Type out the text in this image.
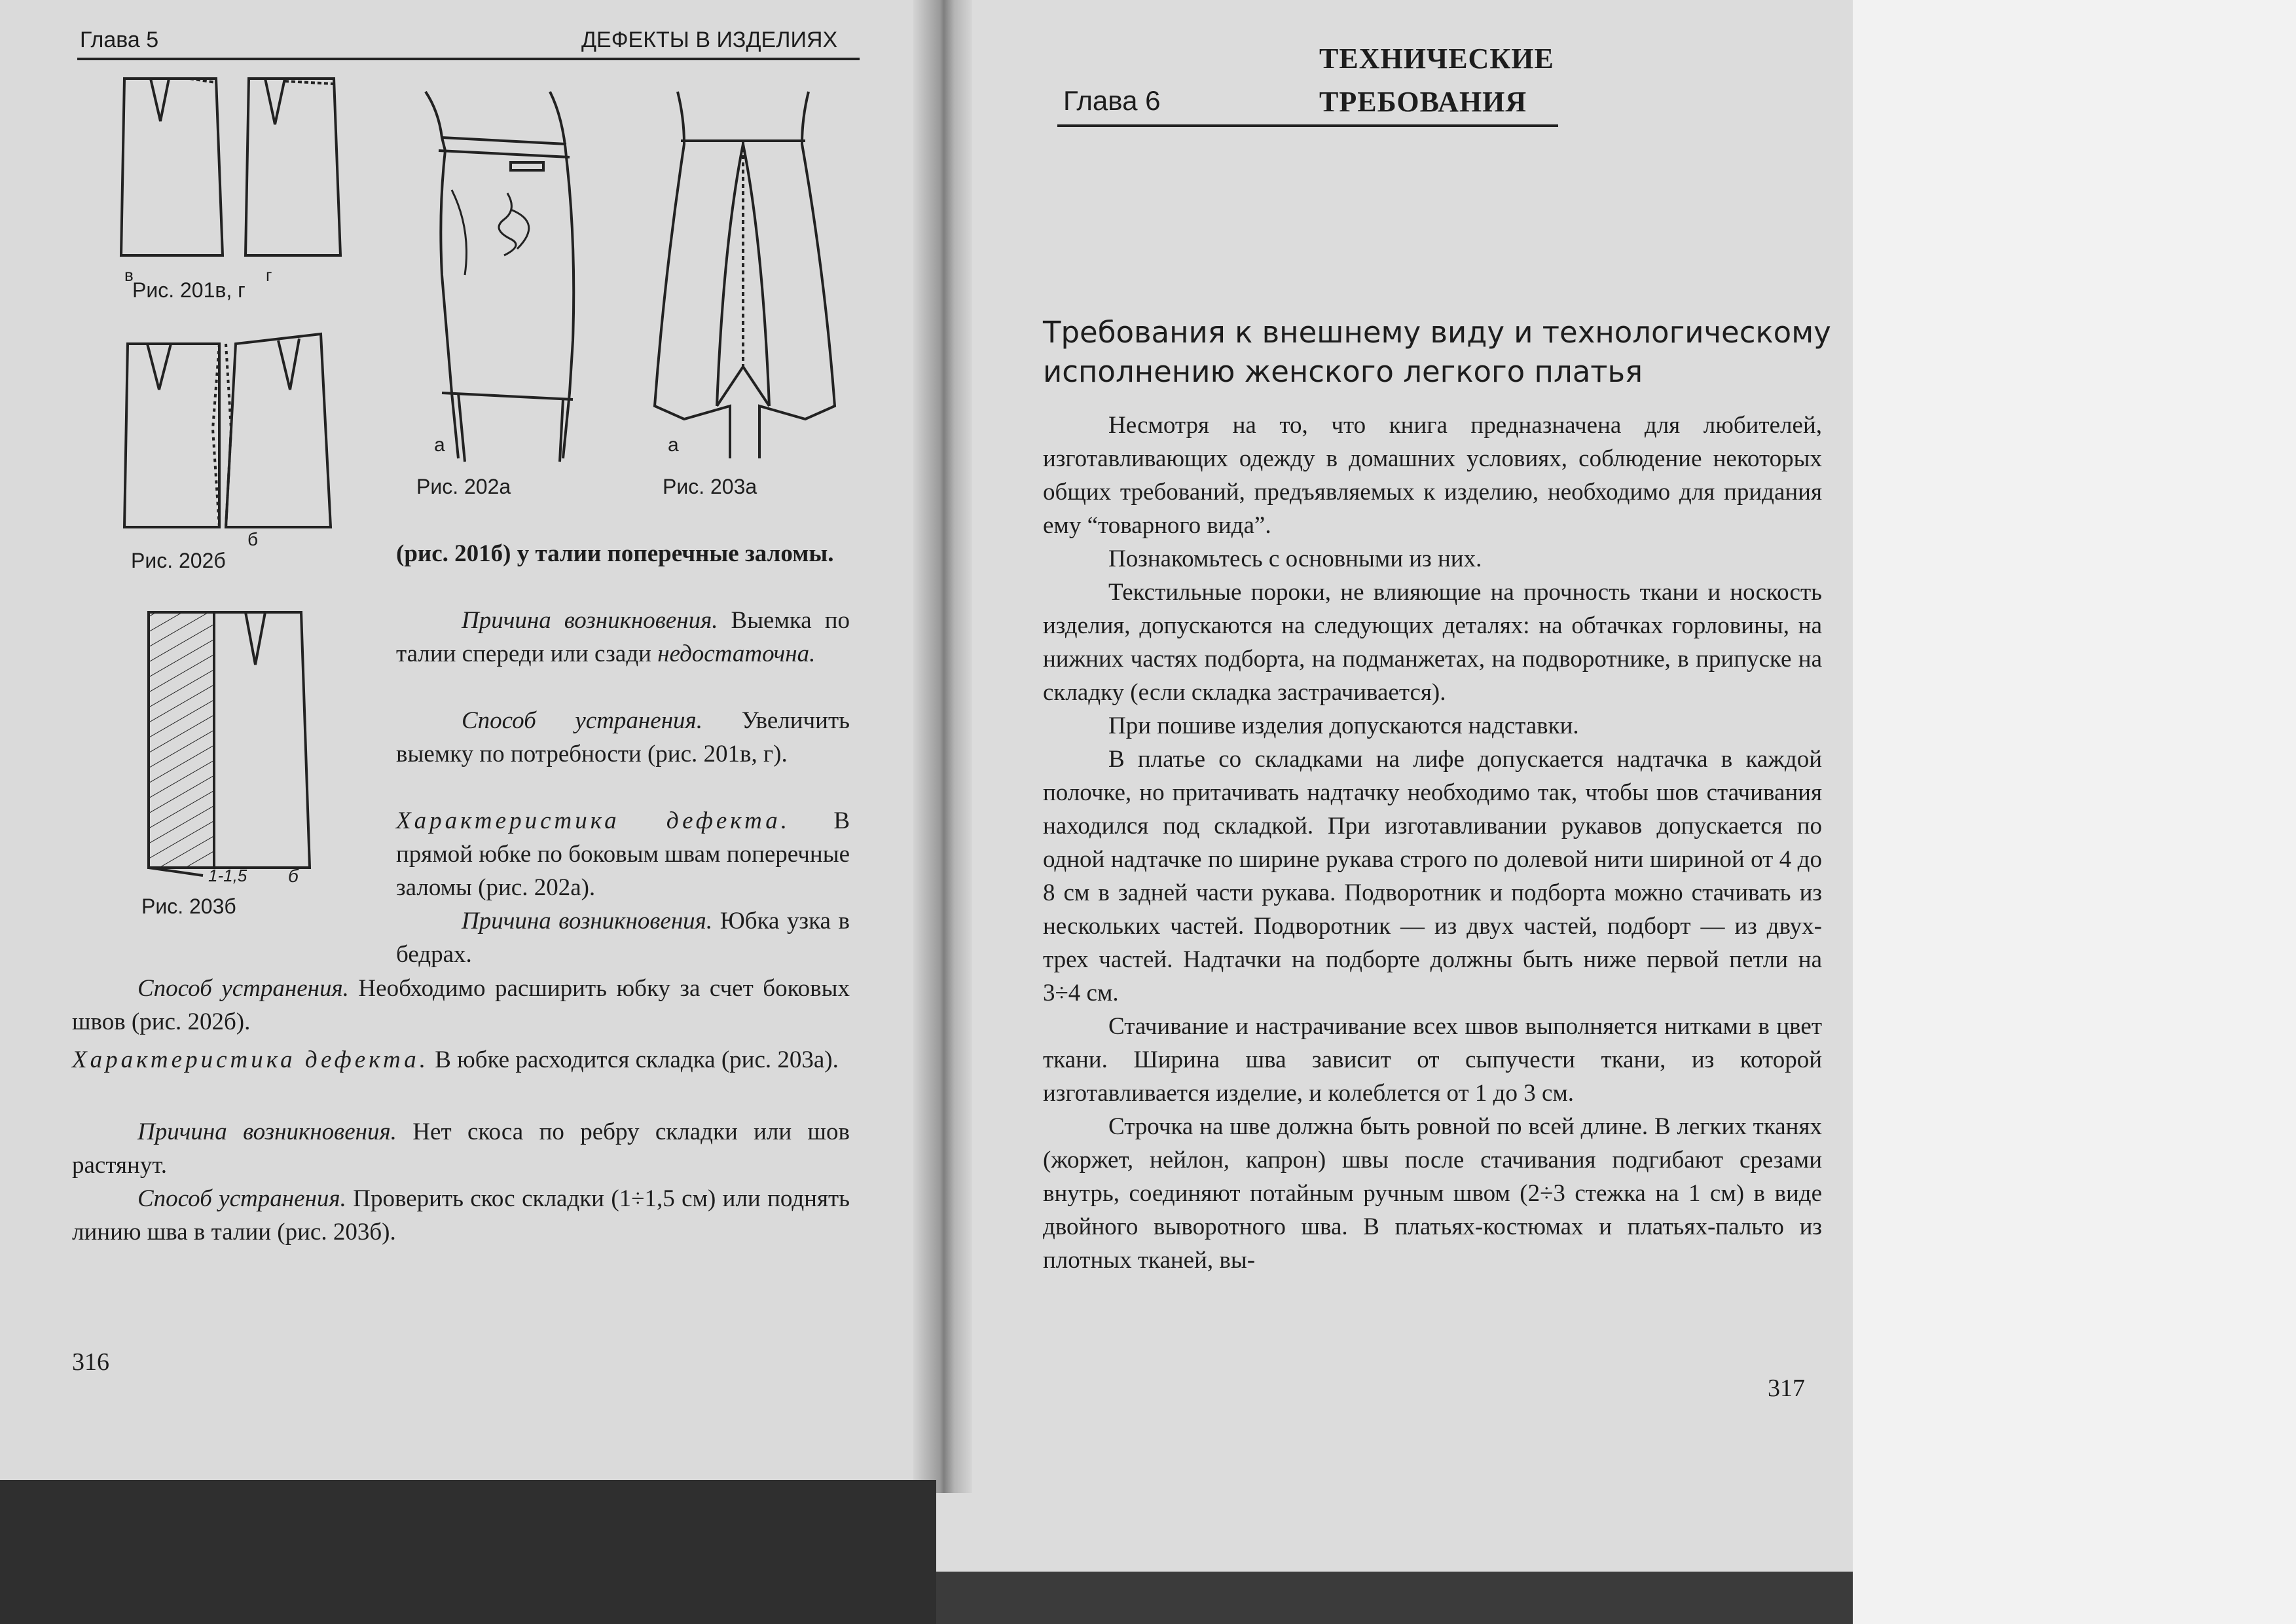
Глава 5	ДЕФЕКТЫ В ИЗДЕЛИЯХ
в	г
Рис. 201в, г
б
Рис. 202б
1-1,5 б
Рис. 203б
а
Рис. 202а
а
Рис. 203а
(рис. 201б) у талии поперечные заломы.
Причина возникновения. Выемка по талии спереди или сзади недостаточна.
Способ устранения. Увеличить выемку по потребности (рис. 201в, г).
Характеристика дефекта. В прямой юбке по боковым швам поперечные заломы (рис. 202а).
Причина возникновения. Юбка узка в бедрах.
Способ устранения. Необходимо расширить юбку за счет боковых швов (рис. 202б).
Характеристика дефекта. В юбке расходится складка (рис. 203а).
Причина возникновения. Нет скоса по ребру складки или шов растянут.
Способ устранения. Проверить скос складки (1÷1,5 см) или поднять линию шва в талии (рис. 203б).
316
Глава 6
ТЕХНИЧЕСКИЕ
ТРЕБОВАНИЯ
Требования к внешнему виду и технологическому
исполнению женского легкого платья
Несмотря на то, что книга предназначена для любителей, изготавливающих одежду в домашних условиях, соблюдение некоторых общих требований, предъявляемых к изделию, необходимо для придания ему “товарного вида”.
Познакомьтесь с основными из них.
Текстильные пороки, не влияющие на прочность ткани и носкость изделия, допускаются на следующих деталях: на обтачках горловины, на нижних частях подборта, на подманжетах, на подворотнике, в припуске на складку (если складка застрачивается).
При пошиве изделия допускаются надставки.
В платье со складками на лифе допускается надтачка в каждой полочке, но притачивать надтачку необходимо так, чтобы шов стачивания находился под складкой. При изготавливании рукавов допускается по одной надтачке по ширине рукава строго по долевой нити шириной от 4 до 8 см в задней части рукава. Подворотник и подборта можно стачивать из нескольких частей. Подворотник — из двух частей, подборт — из двух-трех частей. Надтачки на подборте должны быть ниже первой петли на 3÷4 см.
Стачивание и настрачивание всех швов выполняется нитками в цвет ткани. Ширина шва зависит от сыпучести ткани, из которой изготавливается изделие, и колеблется от 1 до 3 см.
Строчка на шве должна быть ровной по всей длине. В легких тканях (жоржет, нейлон, капрон) швы после стачивания подгибают срезами внутрь, соединяют потайным ручным швом (2÷3 стежка на 1 см) в виде двойного выворотного шва. В платьях-костюмах и платьях-пальто из плотных тканей, вы-
317
